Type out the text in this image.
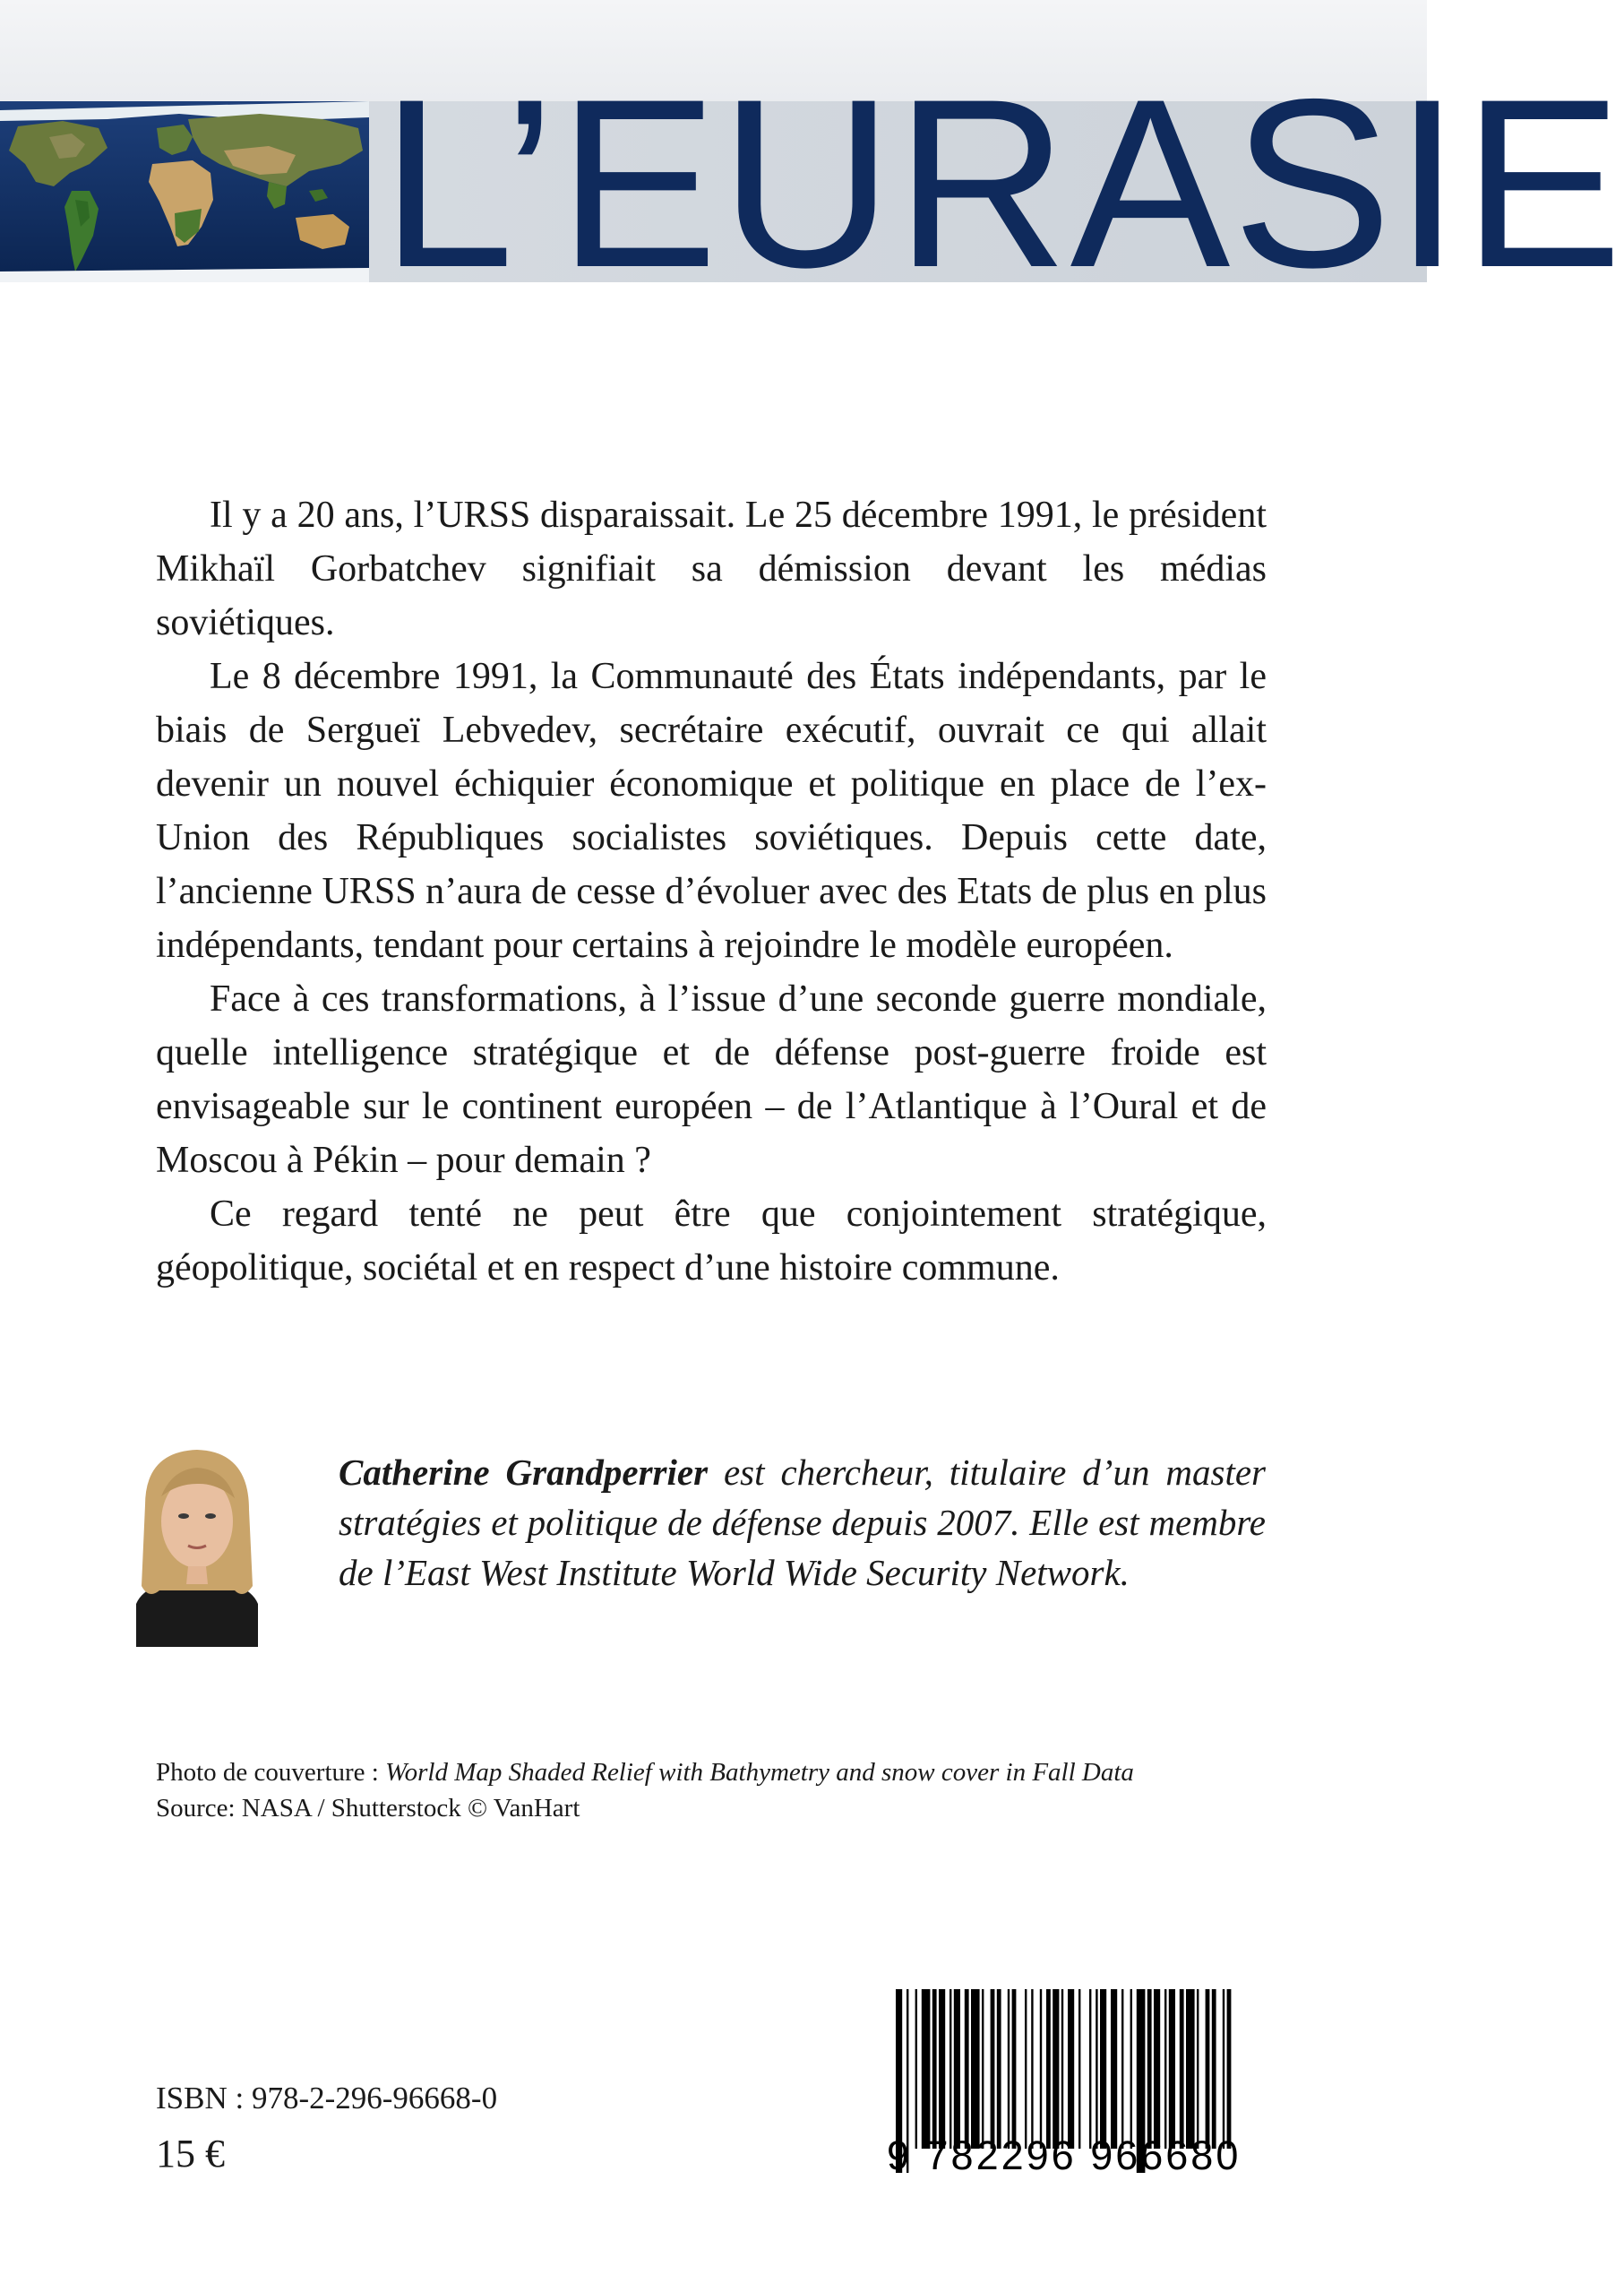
L’EURASIE

Il y a 20 ans, l’URSS disparaissait. Le 25 décembre 1991, le président Mikhaïl Gorbatchev signifiait sa démission devant les médias soviétiques.

Le 8 décembre 1991, la Communauté des États indépendants, par le biais de Sergueï Lebvedev, secrétaire exécutif, ouvrait ce qui allait devenir un nouvel échiquier économique et politique en place de l’ex-Union des Républiques socialistes soviétiques. Depuis cette date, l’ancienne URSS n’aura de cesse d’évoluer avec des Etats de plus en plus indépendants, tendant pour certains à rejoindre le modèle européen.

Face à ces transformations, à l’issue d’une seconde guerre mondiale, quelle intelligence stratégique et de défense post-guerre froide est envisageable sur le continent européen – de l’Atlantique à l’Oural et de Moscou à Pékin – pour demain ?

Ce regard tenté ne peut être que conjointement stratégique, géopolitique, sociétal et en respect d’une histoire commune.

Catherine Grandperrier est chercheur, titulaire d’un master stratégies et politique de défense depuis 2007. Elle est membre de l’East West Institute World Wide Security Network.
Photo de couverture : World Map Shaded Relief with Bathymetry and snow cover in Fall Data
Source: NASA / Shutterstock © VanHart
ISBN : 978-2-296-96668-0
15 €	9 782296 966680
